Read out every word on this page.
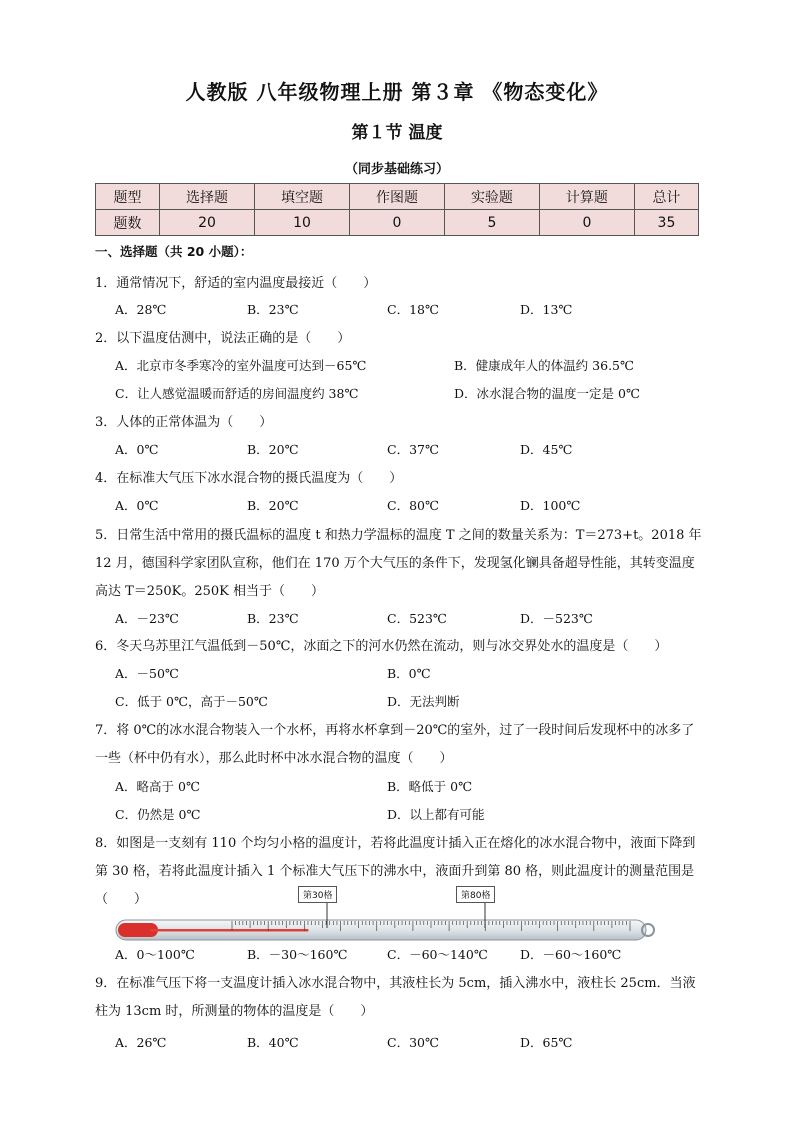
人教版 八年级物理上册 第３章 《物态变化》
第１节 温度
（同步基础练习）
题型	选择题	填空题	作图题	实验题	计算题	总计
题数	20	10	0	5	0	35
一、选择题（共 20 小题）：
1．通常情况下，舒适的室内温度最接近（　　）
A．28℃	B．23℃	C．18℃	D．13℃
2．以下温度估测中，说法正确的是（　　）
A．北京市冬季寒冷的室外温度可达到－65℃	B．健康成年人的体温约 36.5℃
C．让人感觉温暖而舒适的房间温度约 38℃	D．冰水混合物的温度一定是 0℃
3．人体的正常体温为（　　）
A．0℃	B．20℃	C．37℃	D．45℃
4．在标准大气压下冰水混合物的摄氏温度为（　　）
A．0℃	B．20℃	C．80℃	D．100℃
5．日常生活中常用的摄氏温标的温度 t 和热力学温标的温度 T 之间的数量关系为：T＝273+t。2018 年 12 月，德国科学家团队宣称，他们在 170 万个大气压的条件下，发现氢化镧具备超导性能，其转变温度高达 T＝250K。250K 相当于（　　）
A．－23℃	B．23℃	C．523℃	D．－523℃
6．冬天乌苏里江气温低到－50℃，冰面之下的河水仍然在流动，则与冰交界处水的温度是（　　）
A．－50℃	B．0℃
C．低于 0℃，高于－50℃	D．无法判断
7．将 0℃的冰水混合物装入一个水杯，再将水杯拿到－20℃的室外，过了一段时间后发现杯中的冰多了一些（杯中仍有水），那么此时杯中冰水混合物的温度（　　）
A．略高于 0℃	B．略低于 0℃
C．仍然是 0℃	D．以上都有可能
8．如图是一支刻有 110 个均匀小格的温度计，若将此温度计插入正在熔化的冰水混合物中，液面下降到第 30 格，若将此温度计插入 1 个标准大气压下的沸水中，液面升到第 80 格，则此温度计的测量范围是（　　）	第30格	第80格
A．0～100℃	B．－30～160℃	C．－60～140℃	D．－60～160℃
9．在标准气压下将一支温度计插入冰水混合物中，其液柱长为 5cm，插入沸水中，液柱长 25cm．当液柱为 13cm 时，所测量的物体的温度是（　　）
A．26℃	B．40℃	C．30℃	D．65℃
